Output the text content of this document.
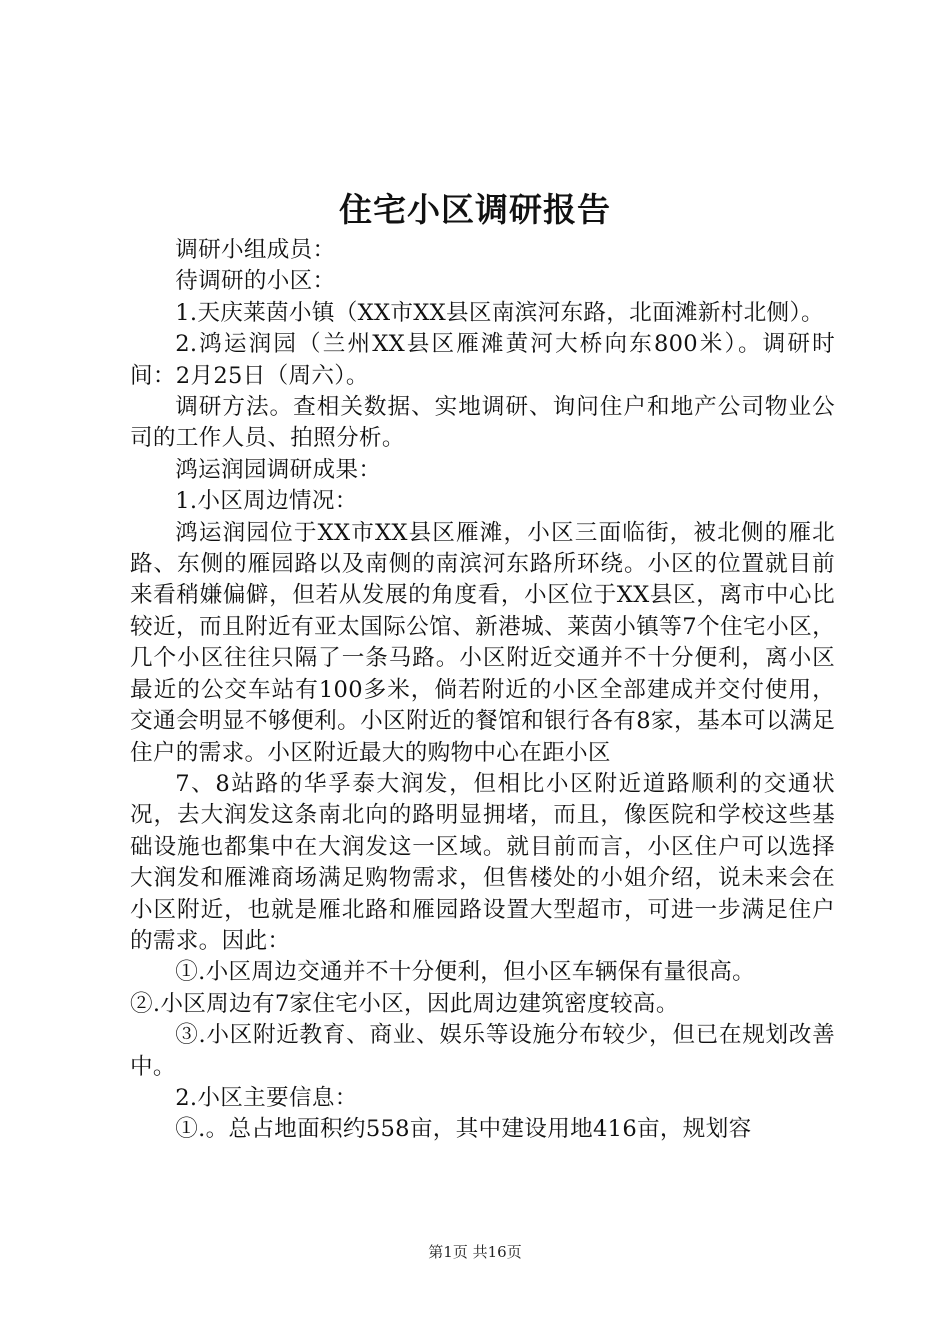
住宅小区调研报告

调研小组成员：

待调研的小区：

1.天庆莱茵小镇（XX市XX县区南滨河东路，北面滩新村北侧）。

2.鸿运润园（兰州XX县区雁滩黄河大桥向东800米）。调研时间：2月25日（周六）。

调研方法。查相关数据、实地调研、询问住户和地产公司物业公司的工作人员、拍照分析。

鸿运润园调研成果：

1.小区周边情况：

鸿运润园位于XX市XX县区雁滩，小区三面临街，被北侧的雁北路、东侧的雁园路以及南侧的南滨河东路所环绕。小区的位置就目前来看稍嫌偏僻，但若从发展的角度看，小区位于XX县区，离市中心比较近，而且附近有亚太国际公馆、新港城、莱茵小镇等7个住宅小区，几个小区往往只隔了一条马路。小区附近交通并不十分便利，离小区最近的公交车站有100多米，倘若附近的小区全部建成并交付使用，交通会明显不够便利。小区附近的餐馆和银行各有8家，基本可以满足住户的需求。小区附近最大的购物中心在距小区

7、8站路的华孚泰大润发，但相比小区附近道路顺利的交通状况，去大润发这条南北向的路明显拥堵，而且，像医院和学校这些基础设施也都集中在大润发这一区域。就目前而言，小区住户可以选择大润发和雁滩商场满足购物需求，但售楼处的小姐介绍，说未来会在小区附近，也就是雁北路和雁园路设置大型超市，可进一步满足住户的需求。因此：

①.小区周边交通并不十分便利，但小区车辆保有量很高。

②.小区周边有7家住宅小区，因此周边建筑密度较高。

③.小区附近教育、商业、娱乐等设施分布较少，但已在规划改善中。

2.小区主要信息：

①.。总占地面积约558亩，其中建设用地416亩，规划容

第1页 共16页
